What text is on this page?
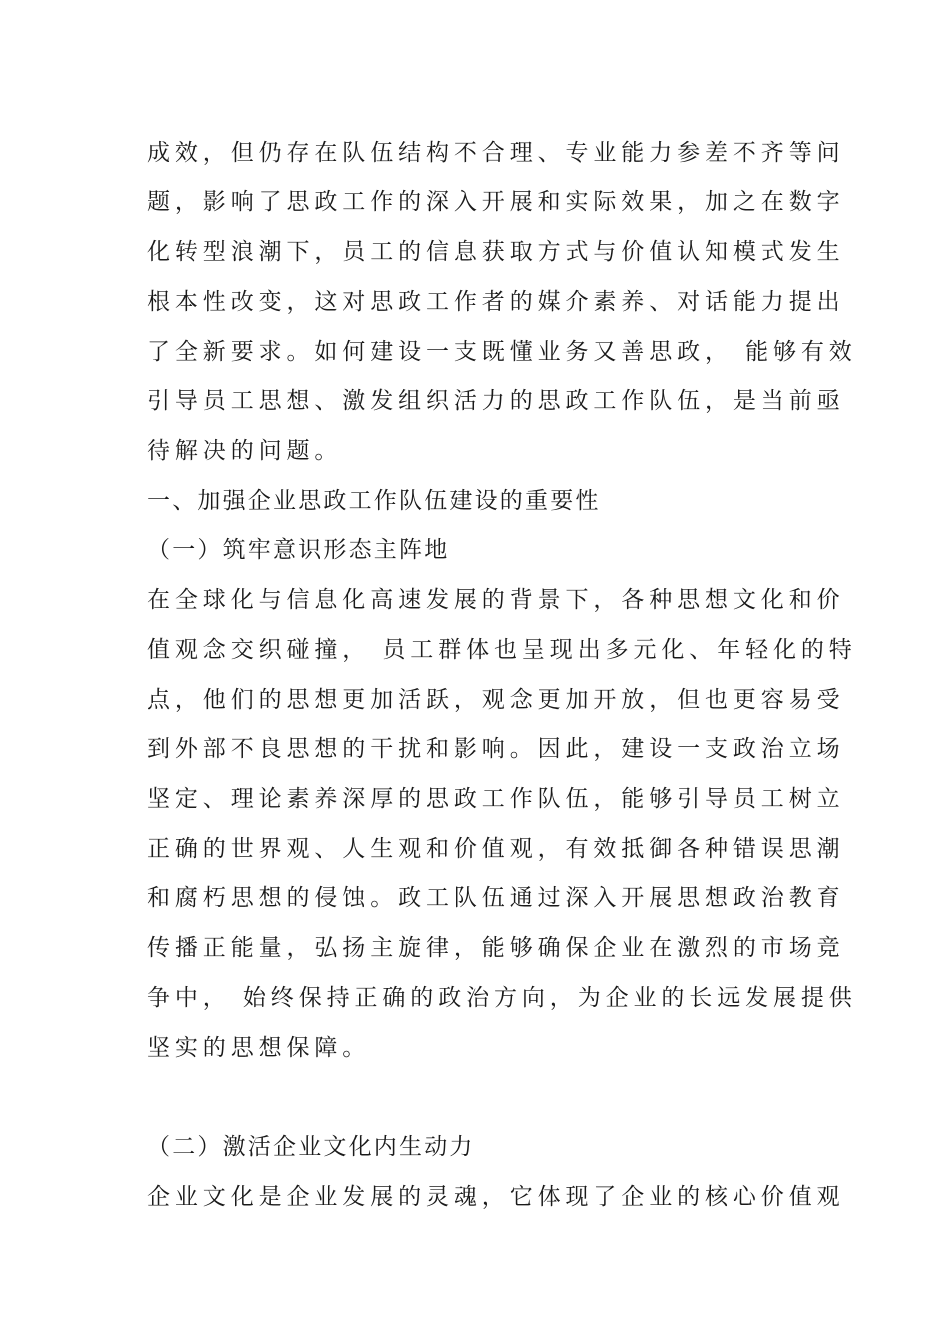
成效，但仍存在队伍结构不合理、专业能力参差不齐等问
题，影响了思政工作的深入开展和实际效果，加之在数字
化转型浪潮下，员工的信息获取方式与价值认知模式发生
根本性改变，这对思政工作者的媒介素养、对话能力提出
了全新要求。如何建设一支既懂业务又善思政， 能够有效
引导员工思想、激发组织活力的思政工作队伍，是当前亟
待解决的问题。
一、加强企业思政工作队伍建设的重要性
（一）筑牢意识形态主阵地
在全球化与信息化高速发展的背景下，各种思想文化和价
值观念交织碰撞， 员工群体也呈现出多元化、年轻化的特
点，他们的思想更加活跃，观念更加开放，但也更容易受
到外部不良思想的干扰和影响。因此，建设一支政治立场
坚定、理论素养深厚的思政工作队伍，能够引导员工树立
正确的世界观、人生观和价值观，有效抵御各种错误思潮
和腐朽思想的侵蚀。政工队伍通过深入开展思想政治教育
传播正能量，弘扬主旋律，能够确保企业在激烈的市场竞
争中， 始终保持正确的政治方向，为企业的长远发展提供
坚实的思想保障。
（二）激活企业文化内生动力
企业文化是企业发展的灵魂，它体现了企业的核心价值观
